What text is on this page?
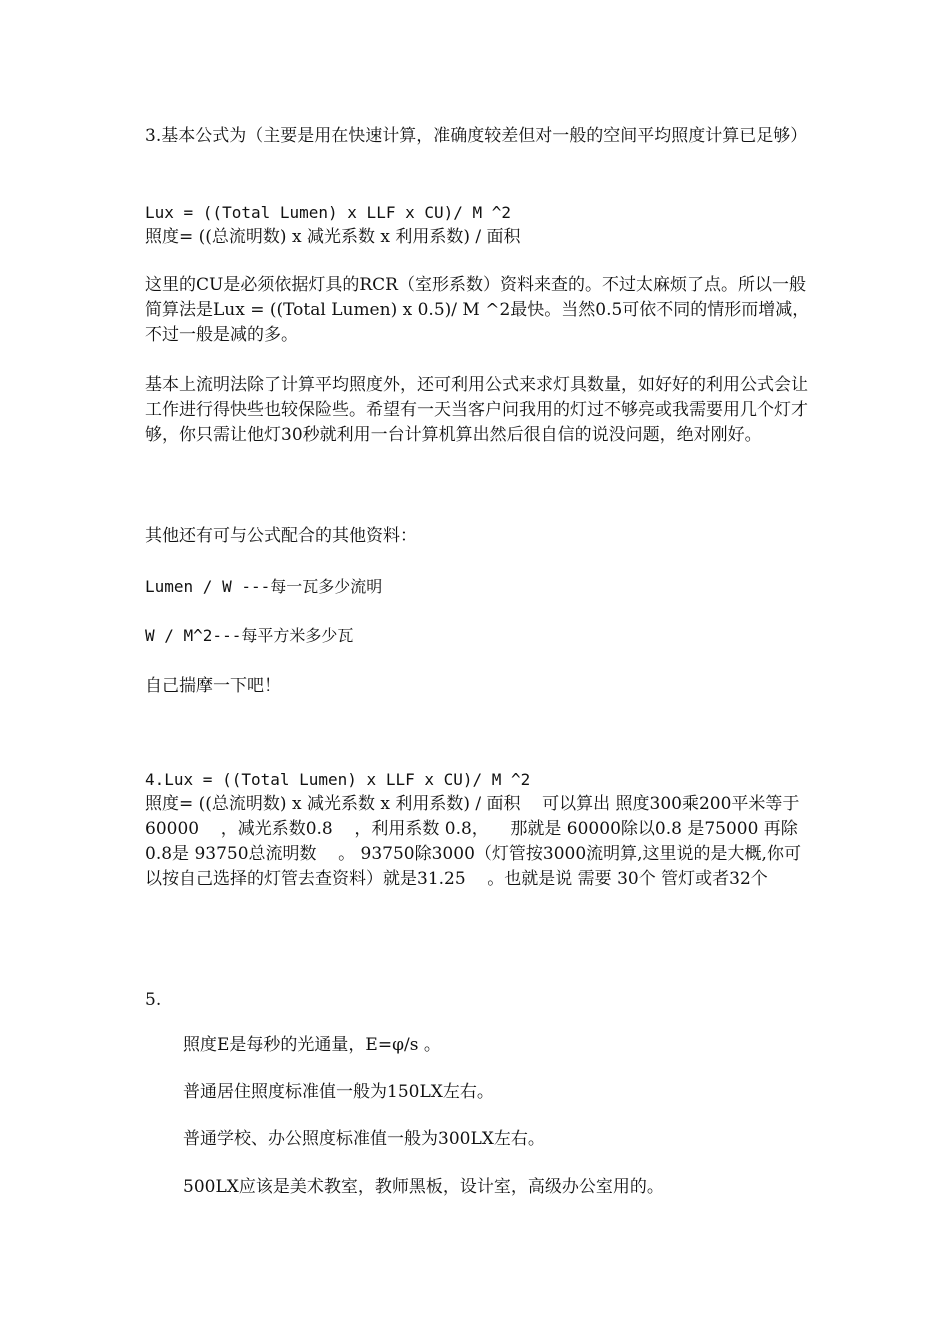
3.基本公式为（主要是用在快速计算，准确度较差但对一般的空间平均照度计算已足够）

Lux = ((Total Lumen) x LLF x CU)/ M ^2

照度= ((总流明数) x 减光系数 x 利用系数) / 面积

这里的CU是必须依据灯具的RCR（室形系数）资料来查的。不过太麻烦了点。所以一般简算法是Lux = ((Total Lumen) x 0.5)/ M ^2最快。当然0.5可依不同的情形而增减，不过一般是减的多。

基本上流明法除了计算平均照度外，还可利用公式来求灯具数量，如好好的利用公式会让工作进行得快些也较保险些。希望有一天当客户问我用的灯过不够亮或我需要用几个灯才够，你只需让他灯30秒就利用一台计算机算出然后很自信的说没问题，绝对刚好。

其他还有可与公式配合的其他资料：

Lumen / W ---每一瓦多少流明

W / M^2---每平方米多少瓦

自己揣摩一下吧！

4.Lux = ((Total Lumen) x LLF x CU)/ M ^2

照度= ((总流明数) x 减光系数 x 利用系数) / 面积    可以算出 照度300乘200平米等于60000    ，减光系数0.8    ，利用系数 0.8，    那就是 60000除以0.8 是75000 再除0.8是 93750总流明数    。 93750除3000（灯管按3000流明算,这里说的是大概,你可以按自己选择的灯管去查资料）就是31.25    。也就是说 需要 30个 管灯或者32个

5.

照度E是每秒的光通量，E=φ/s 。

普通居住照度标准值一般为150LX左右。

普通学校、办公照度标准值一般为300LX左右。

500LX应该是美术教室，教师黑板，设计室，高级办公室用的。
